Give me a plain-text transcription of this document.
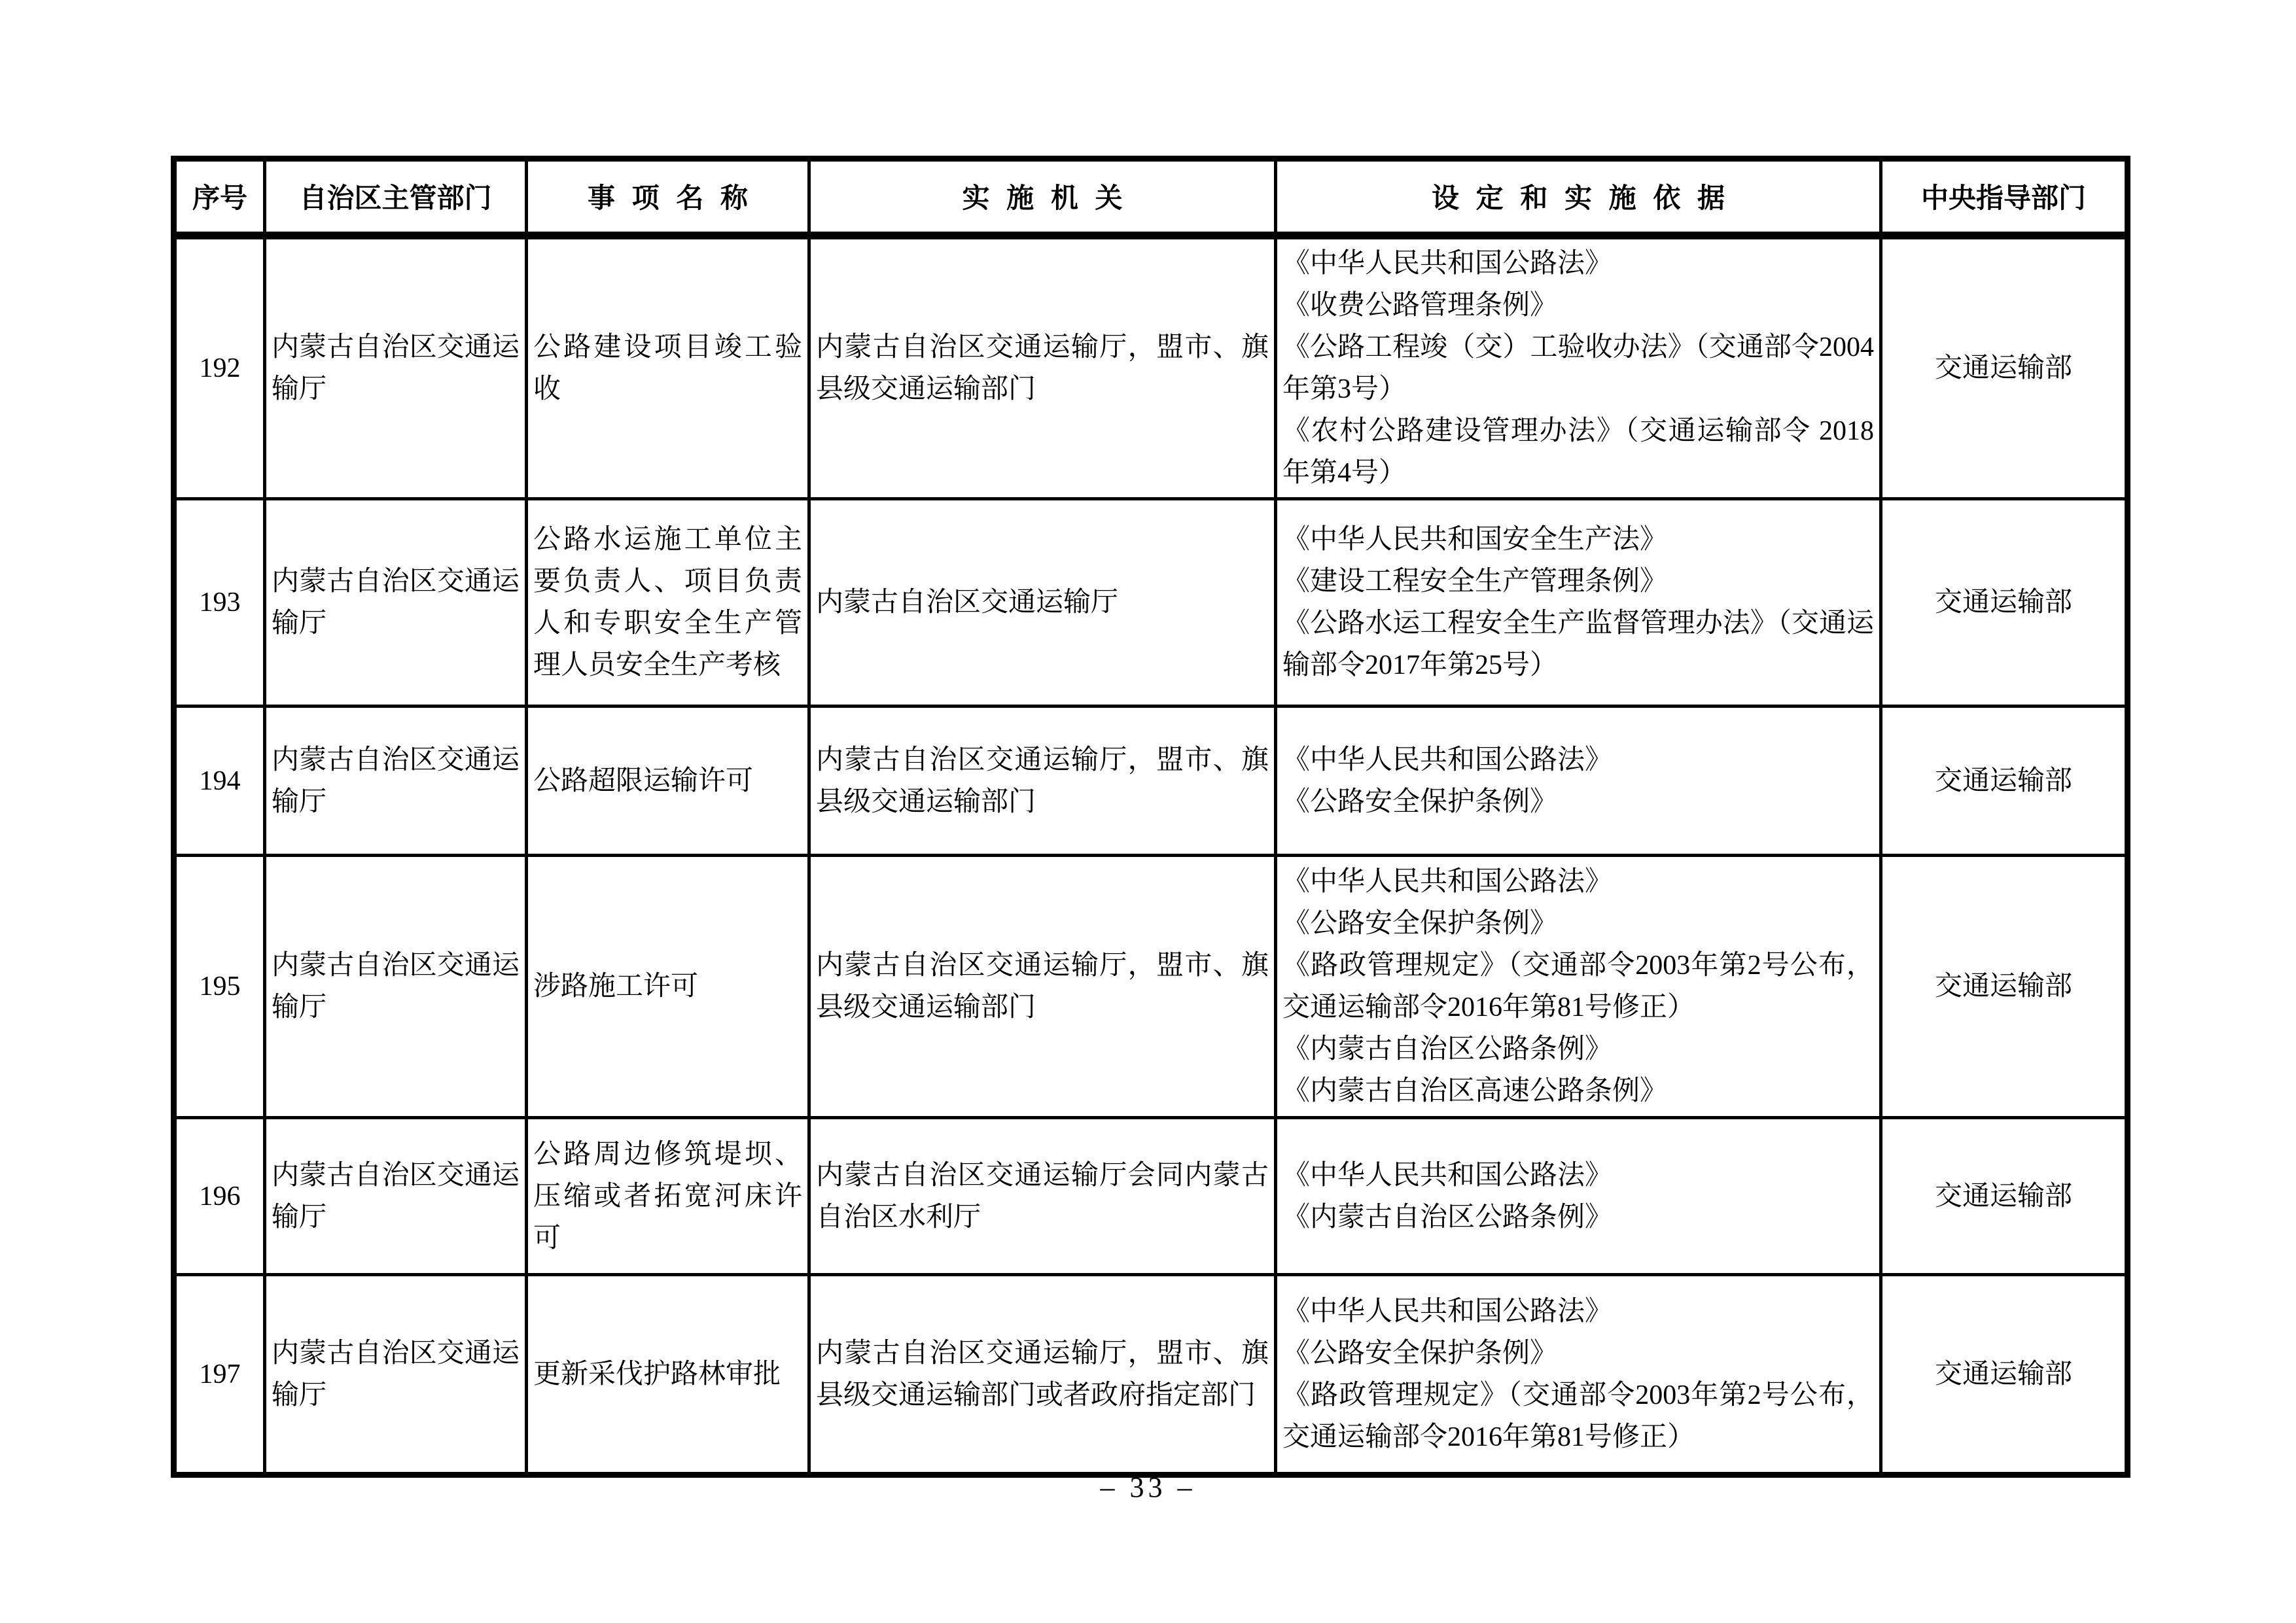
序号	自治区主管部门	事 项 名 称	实 施 机 关	设 定 和 实 施 依 据	中央指导部门
192	内蒙古自治区交通运输厅	公路建设项目竣工验收	内蒙古自治区交通运输厅，盟市、旗县级交通运输部门	《中华人民共和国公路法》
《收费公路管理条例》
《公路工程竣（交）工验收办法》（交通部令2004年第3号）
《农村公路建设管理办法》（交通运输部令 2018年第4号）	交通运输部
193	内蒙古自治区交通运输厅	公路水运施工单位主要负责人、项目负责人和专职安全生产管理人员安全生产考核	内蒙古自治区交通运输厅	《中华人民共和国安全生产法》
《建设工程安全生产管理条例》
《公路水运工程安全生产监督管理办法》（交通运输部令2017年第25号）	交通运输部
194	内蒙古自治区交通运输厅	公路超限运输许可	内蒙古自治区交通运输厅，盟市、旗县级交通运输部门	《中华人民共和国公路法》
《公路安全保护条例》	交通运输部
195	内蒙古自治区交通运输厅	涉路施工许可	内蒙古自治区交通运输厅，盟市、旗县级交通运输部门	《中华人民共和国公路法》
《公路安全保护条例》
《路政管理规定》（交通部令2003年第2号公布，交通运输部令2016年第81号修正）
《内蒙古自治区公路条例》
《内蒙古自治区高速公路条例》	交通运输部
196	内蒙古自治区交通运输厅	公路周边修筑堤坝、压缩或者拓宽河床许可	内蒙古自治区交通运输厅会同内蒙古自治区水利厅	《中华人民共和国公路法》
《内蒙古自治区公路条例》	交通运输部
197	内蒙古自治区交通运输厅	更新采伐护路林审批	内蒙古自治区交通运输厅，盟市、旗县级交通运输部门或者政府指定部门	《中华人民共和国公路法》
《公路安全保护条例》
《路政管理规定》（交通部令2003年第2号公布，交通运输部令2016年第81号修正）	交通运输部
– 33 –
